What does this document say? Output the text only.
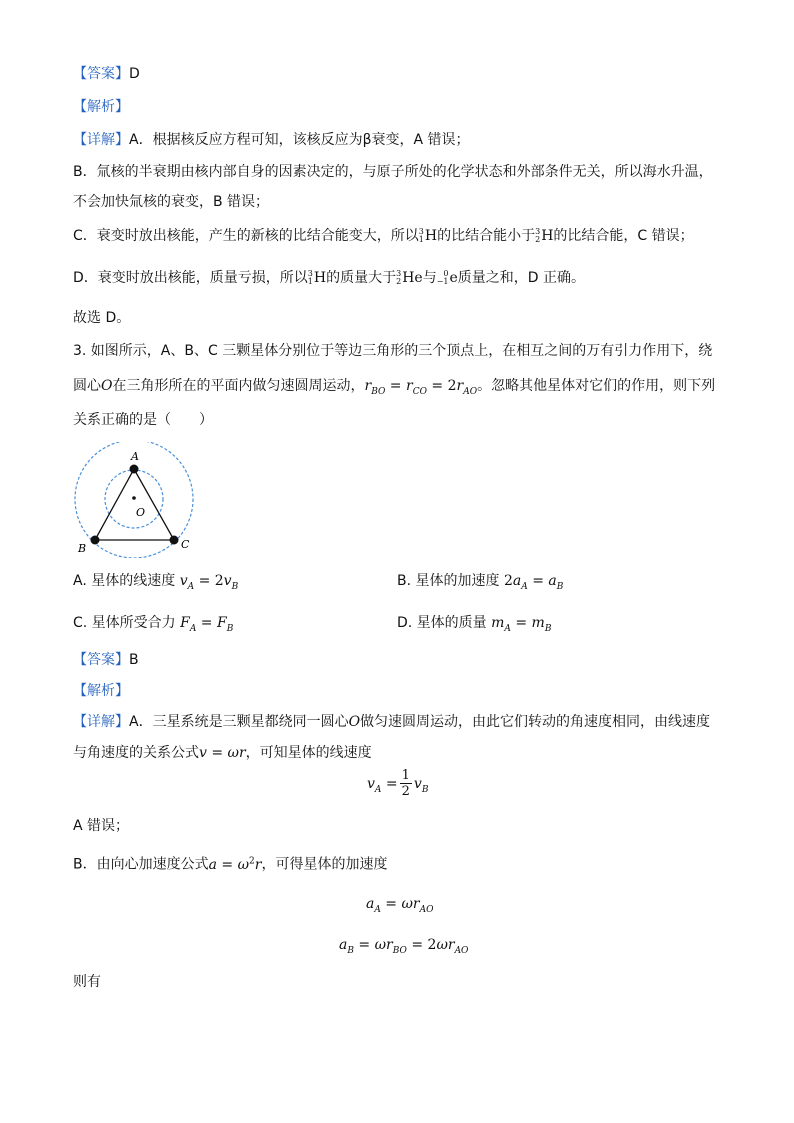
【答案】D
【解析】
【详解】A．根据核反应方程可知，该核反应为β衰变，A 错误；
B．氚核的半衰期由核内部自身的因素决定的，与原子所处的化学状态和外部条件无关，所以海水升温，
不会加快氚核的衰变，B 错误；
C．衰变时放出核能，产生的新核的比结合能变大，所以 3
1 H的比结合能小于 3
2 H的比结合能，C 错误；
D．衰变时放出核能，质量亏损，所以 3
1 H的质量大于 3
2 He与 0
−1 e质量之和，D 正确。
故选 D。
3. 如图所示，A、B、C 三颗星体分别位于等边三角形的三个顶点上，在相互之间的万有引力作用下，绕
圆心O在三角形所在的平面内做匀速圆周运动，$r_{BO} = r_{CO} = 2r_{AO}$。忽略其他星体对它们的作用，则下列
关系正确的是（　　）
A
O
B	C
A. 星体的线速度 $v_A = 2v_B$	B. 星体的加速度 $2a_A = a_B$
C. 星体所受合力 $F_A = F_B$	D. 星体的质量 $m_A = m_B$
【答案】B
【解析】
【详解】A．三星系统是三颗星都绕同一圆心O做匀速圆周运动，由此它们转动的角速度相同，由线速度
与角速度的关系公式v = ωr，可知星体的线速度
$v_A = \frac{1}{2} v_B$
A 错误；
B．由向心加速度公式$a = \omega^2r$，可得星体的加速度
$a_A = \omega r_{AO}$
$a_B = \omega r_{BO} = 2\omega r_{AO}$
则有
